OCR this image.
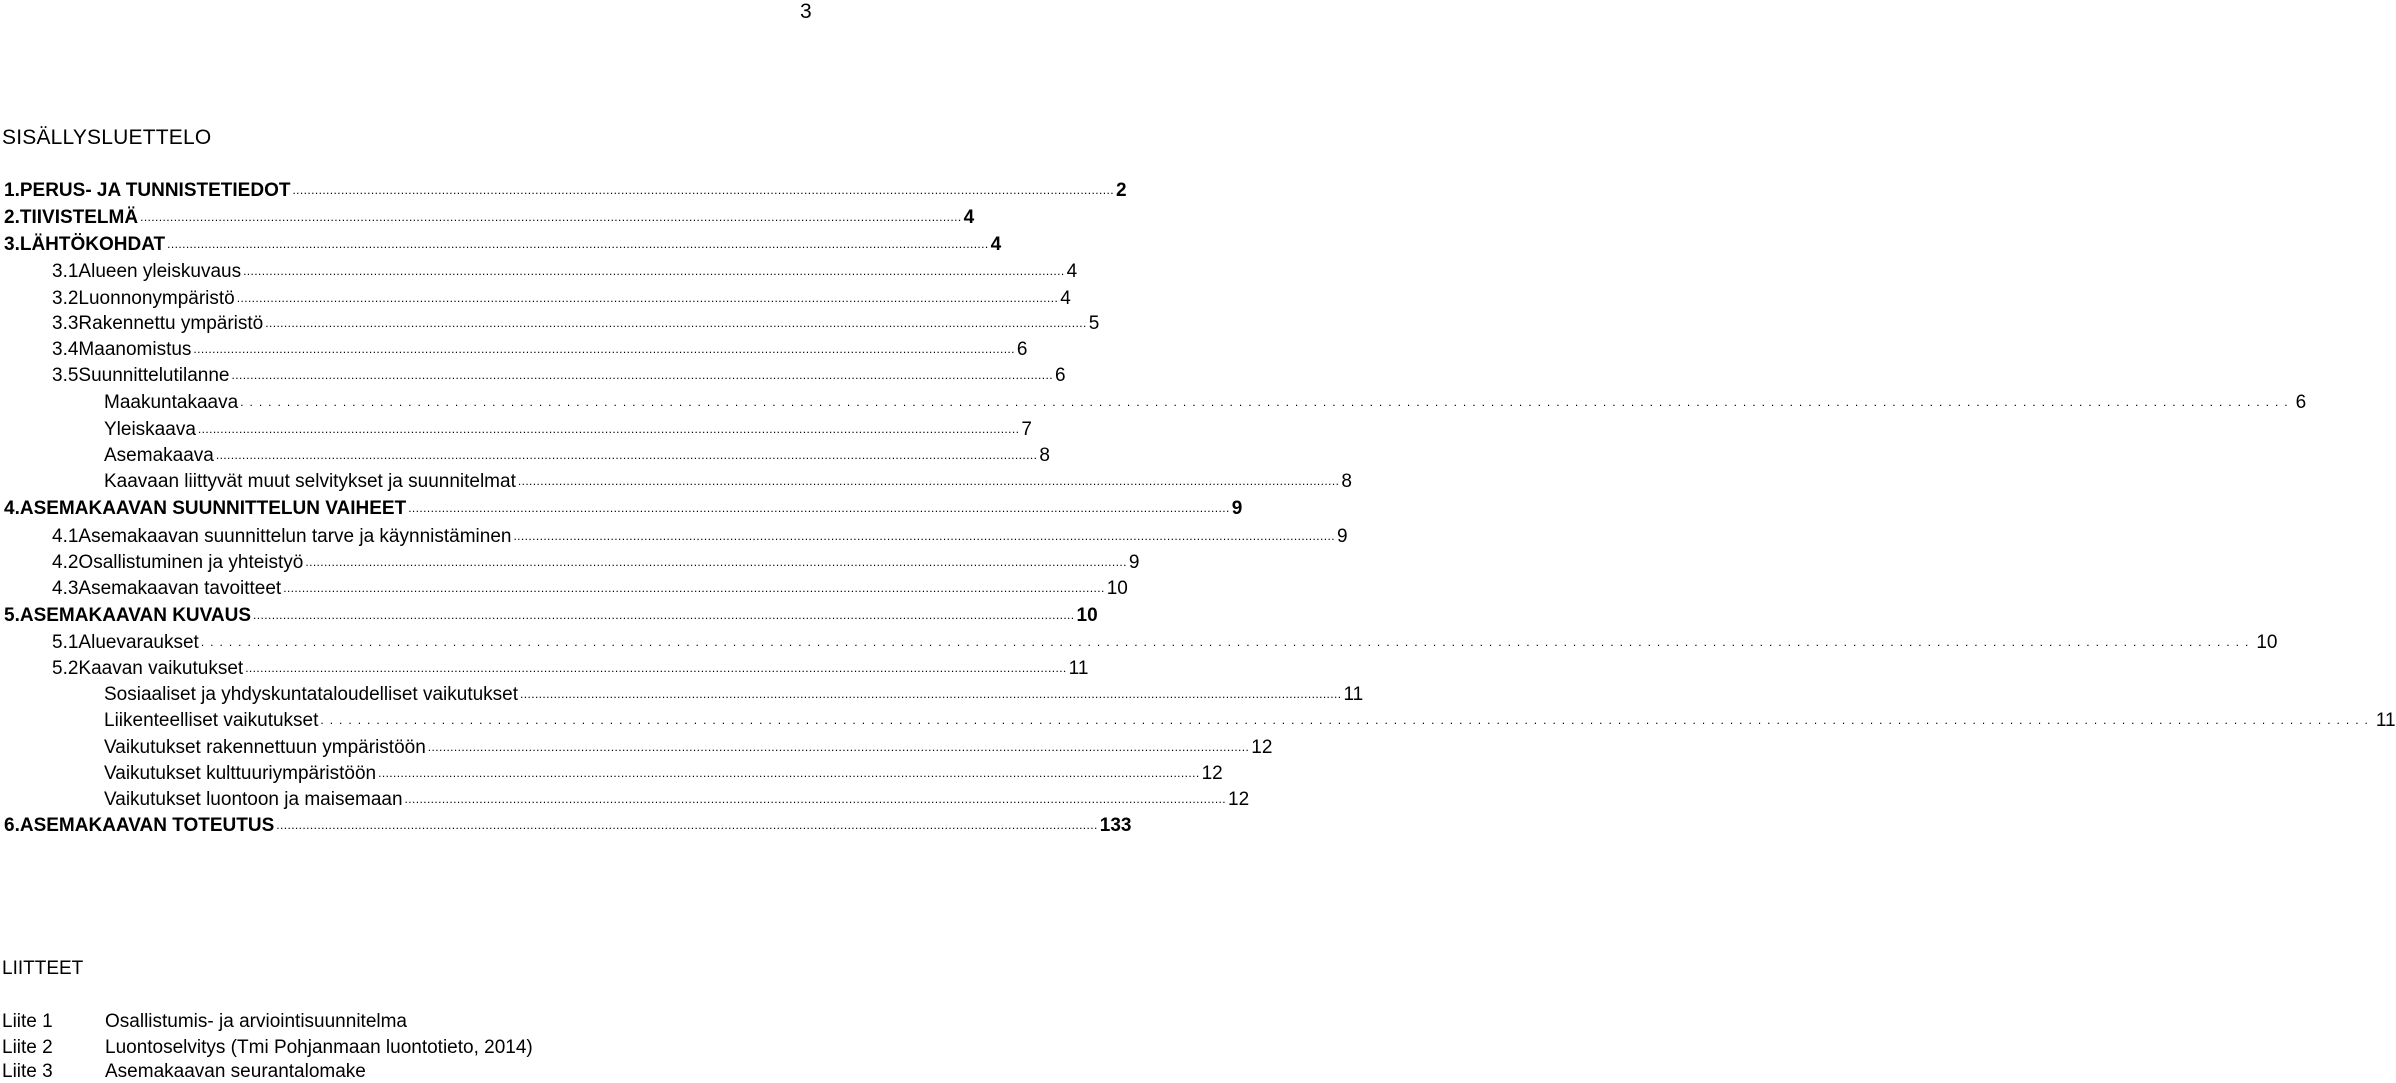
3
SISÄLLYSLUETTELO
1. PERUS- JA TUNNISTETIEDOT ............................................................................................................................................................................................................................ 2
2. TIIVISTELMÄ ............................................................................................................................................................................................................................ 4
3. LÄHTÖKOHDAT ............................................................................................................................................................................................................................ 4
3.1 Alueen yleiskuvaus ............................................................................................................................................................................................................................ 4
3.2 Luonnonympäristö ............................................................................................................................................................................................................................ 4
3.3 Rakennettu ympäristö ............................................................................................................................................................................................................................ 5
3.4 Maanomistus ............................................................................................................................................................................................................................ 6
3.5 Suunnittelutilanne ............................................................................................................................................................................................................................ 6
Maakuntakaava ............................................................................................................................................................................................................................ 6
Yleiskaava ............................................................................................................................................................................................................................ 7
Asemakaava ............................................................................................................................................................................................................................ 8
Kaavaan liittyvät muut selvitykset ja suunnitelmat ............................................................................................................................................................................................................................ 8
4. ASEMAKAAVAN SUUNNITTELUN VAIHEET ............................................................................................................................................................................................................................ 9
4.1 Asemakaavan suunnittelun tarve ja käynnistäminen ............................................................................................................................................................................................................................ 9
4.2 Osallistuminen ja yhteistyö ............................................................................................................................................................................................................................ 9
4.3 Asemakaavan tavoitteet ............................................................................................................................................................................................................................ 10
5. ASEMAKAAVAN KUVAUS ............................................................................................................................................................................................................................ 10
5.1 Aluevaraukset ............................................................................................................................................................................................................................ 10
5.2 Kaavan vaikutukset ............................................................................................................................................................................................................................ 11
Sosiaaliset ja yhdyskuntataloudelliset vaikutukset ............................................................................................................................................................................................................................ 11
Liikenteelliset vaikutukset ............................................................................................................................................................................................................................ 11
Vaikutukset rakennettuun ympäristöön ............................................................................................................................................................................................................................ 12
Vaikutukset kulttuuriympäristöön ............................................................................................................................................................................................................................ 12
Vaikutukset luontoon ja maisemaan ............................................................................................................................................................................................................................ 12
6. ASEMAKAAVAN TOTEUTUS ............................................................................................................................................................................................................................ 133
LIITTEET
Liite 1	Osallistumis- ja arviointisuunnitelma
Liite 2	Luontoselvitys (Tmi Pohjanmaan luontotieto, 2014)
Liite 3	Asemakaavan seurantalomake
